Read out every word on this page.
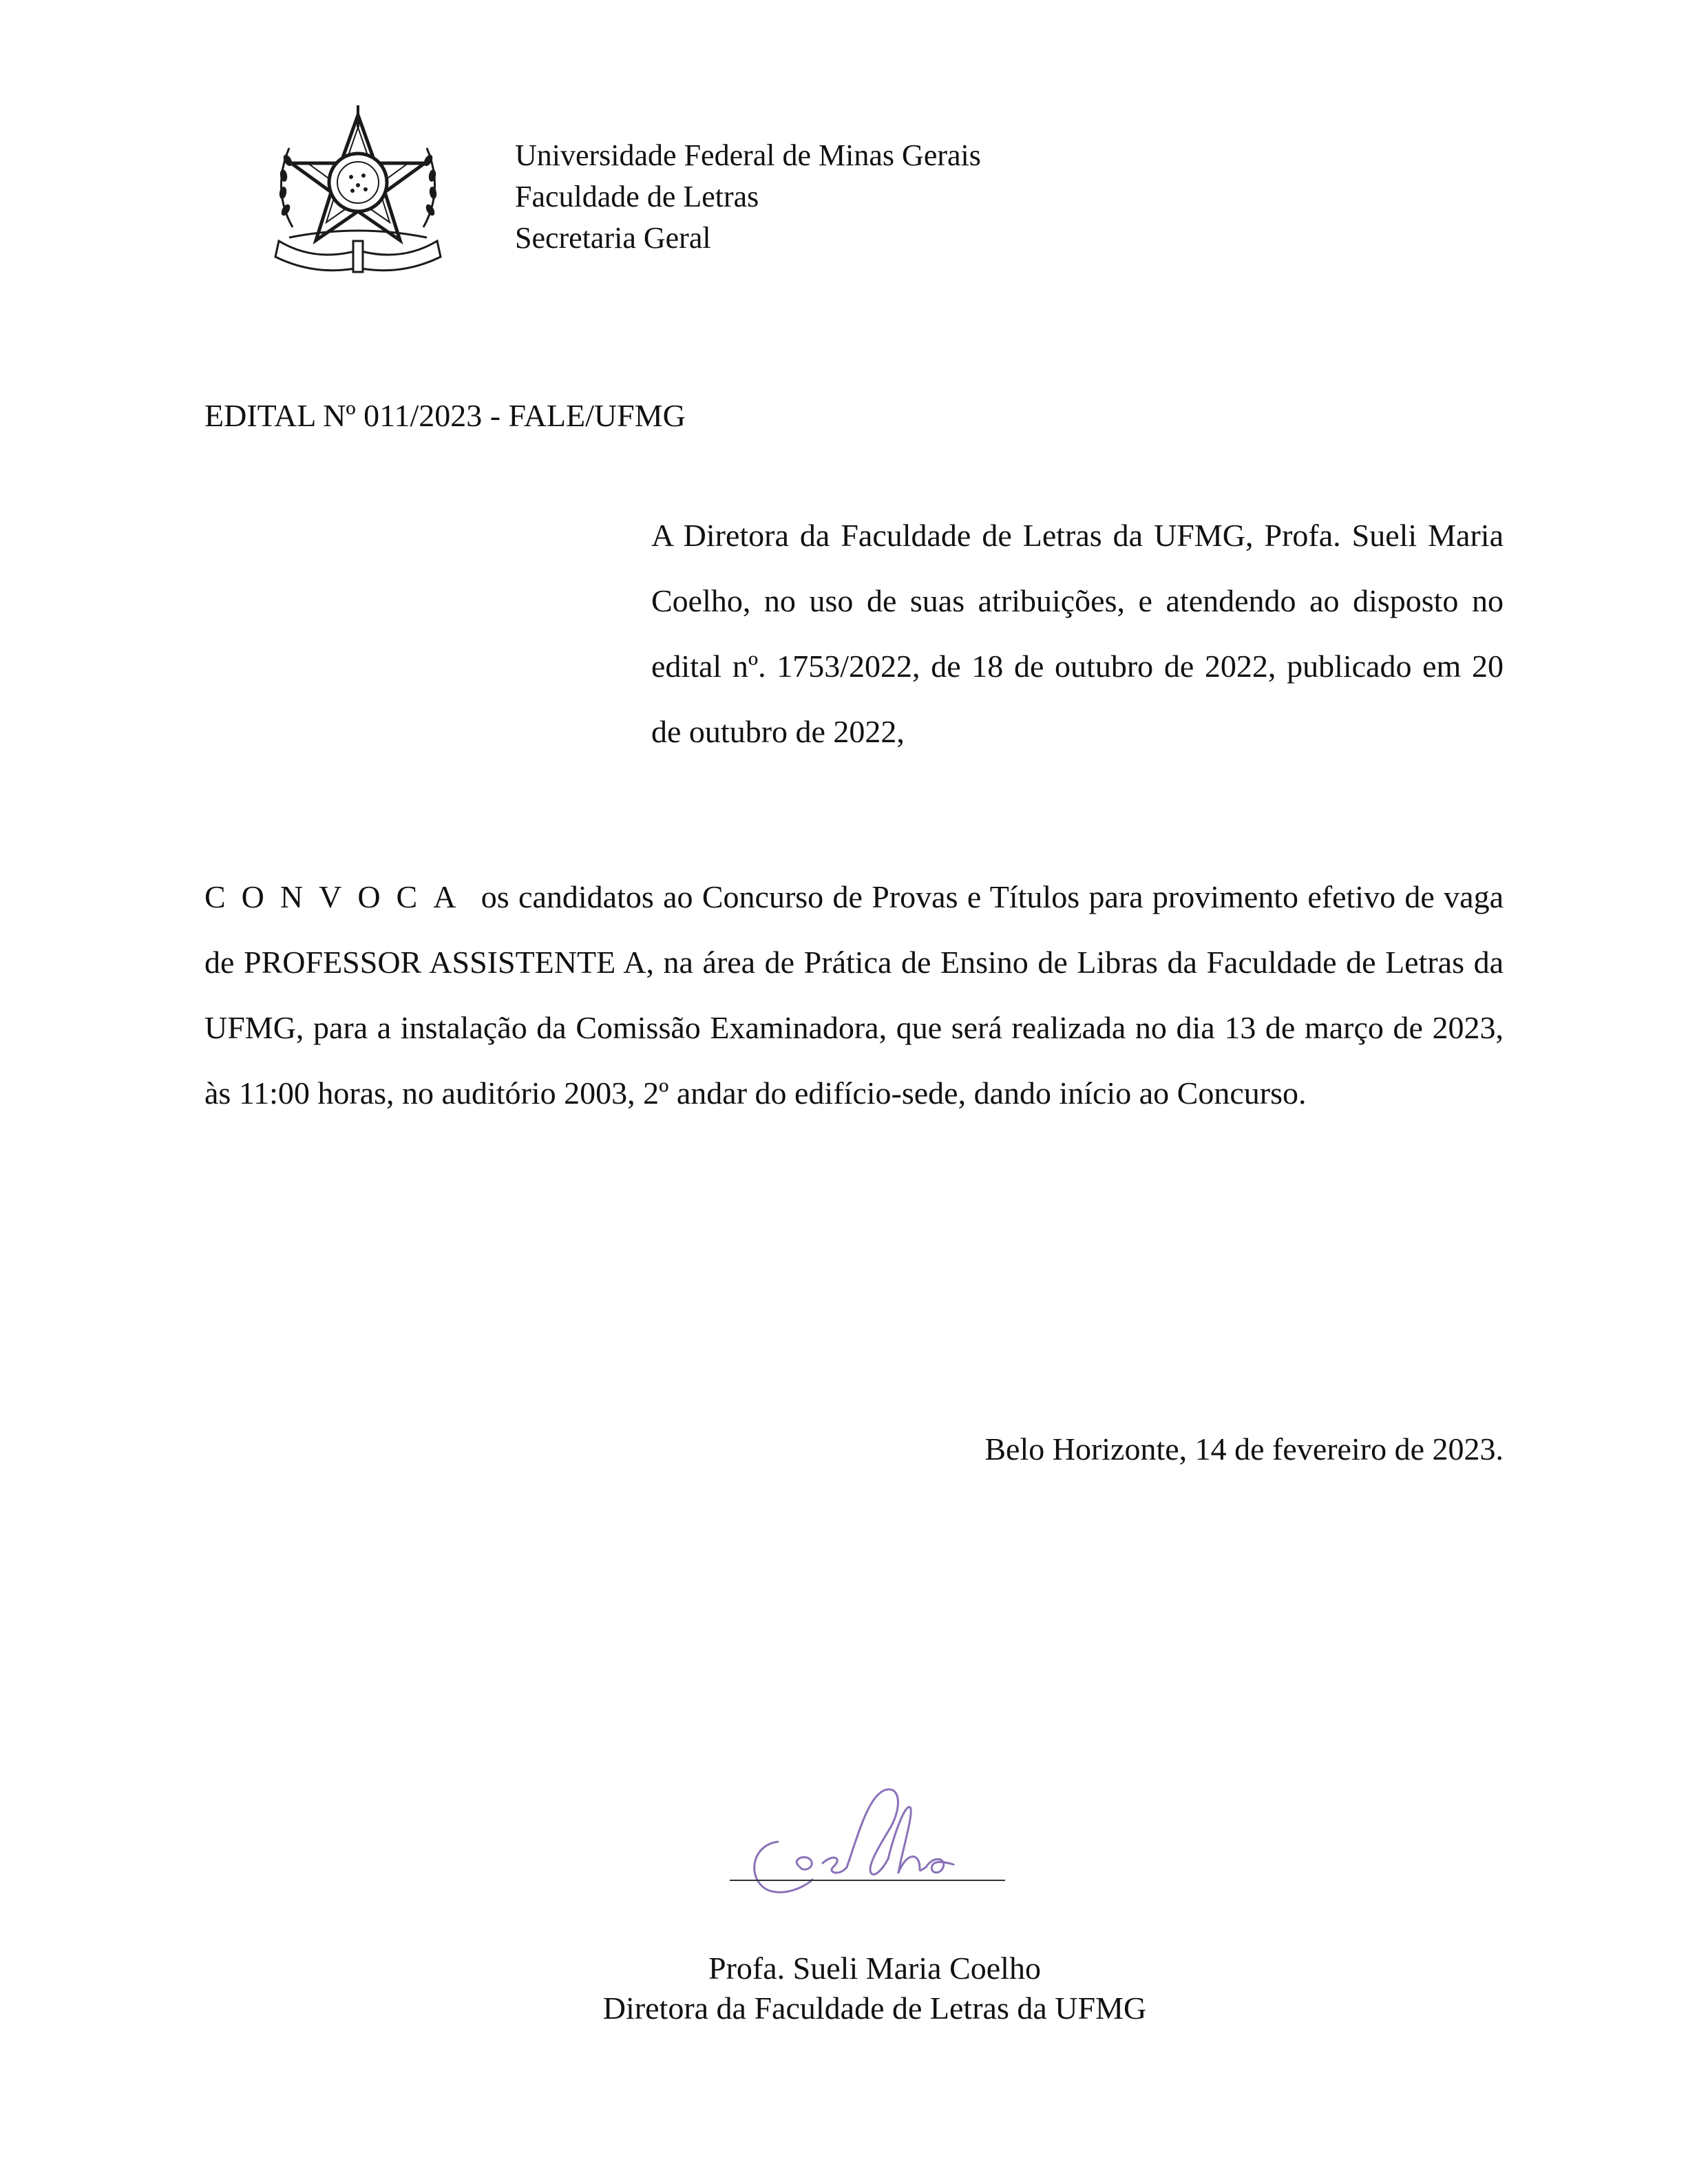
Universidade Federal de Minas Gerais
Faculdade de Letras
Secretaria Geral
EDITAL Nº 011/2023 - FALE/UFMG
A Diretora da Faculdade de Letras da UFMG, Profa. Sueli Maria Coelho, no uso de suas atribuições, e atendendo ao disposto no edital nº. 1753/2022, de 18 de outubro de 2022, publicado em 20 de outubro de 2022,
CONVOCA os candidatos ao Concurso de Provas e Títulos para provimento efetivo de vaga de PROFESSOR ASSISTENTE A, na área de Prática de Ensino de Libras da Faculdade de Letras da UFMG, para a instalação da Comissão Examinadora, que será realizada no dia 13 de março de 2023, às 11:00 horas, no auditório 2003, 2º andar do edifício-sede, dando início ao Concurso.
Belo Horizonte, 14 de fevereiro de 2023.
Profa. Sueli Maria Coelho
Diretora da Faculdade de Letras da UFMG
